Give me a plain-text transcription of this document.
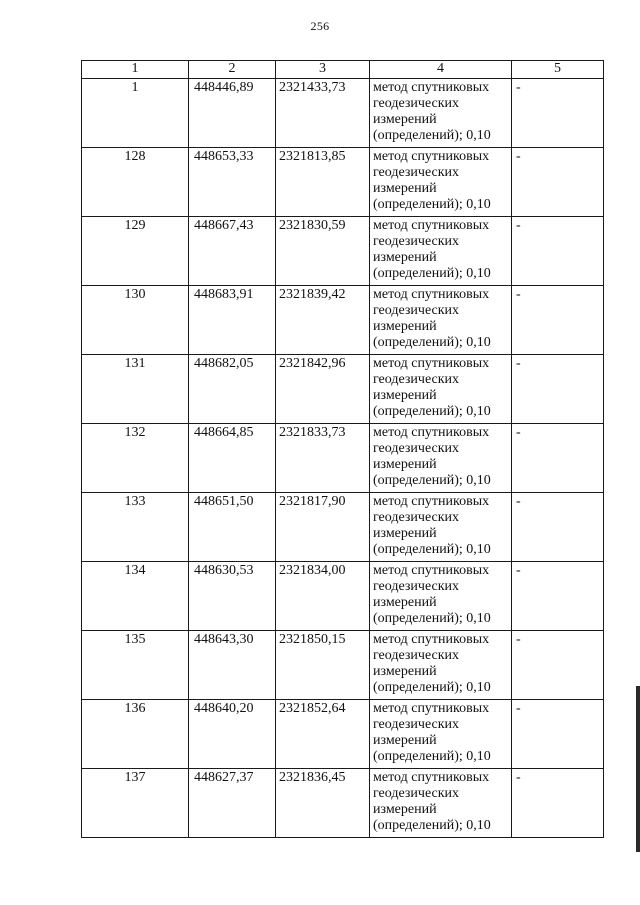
256
1	2	3	4	5
1	448446,89	2321433,73	метод спутниковых
геодезических
измерений
(определений); 0,10	-
128	448653,33	2321813,85	метод спутниковых
геодезических
измерений
(определений); 0,10	-
129	448667,43	2321830,59	метод спутниковых
геодезических
измерений
(определений); 0,10	-
130	448683,91	2321839,42	метод спутниковых
геодезических
измерений
(определений); 0,10	-
131	448682,05	2321842,96	метод спутниковых
геодезических
измерений
(определений); 0,10	-
132	448664,85	2321833,73	метод спутниковых
геодезических
измерений
(определений); 0,10	-
133	448651,50	2321817,90	метод спутниковых
геодезических
измерений
(определений); 0,10	-
134	448630,53	2321834,00	метод спутниковых
геодезических
измерений
(определений); 0,10	-
135	448643,30	2321850,15	метод спутниковых
геодезических
измерений
(определений); 0,10	-
136	448640,20	2321852,64	метод спутниковых
геодезических
измерений
(определений); 0,10	-
137	448627,37	2321836,45	метод спутниковых
геодезических
измерений
(определений); 0,10	-
